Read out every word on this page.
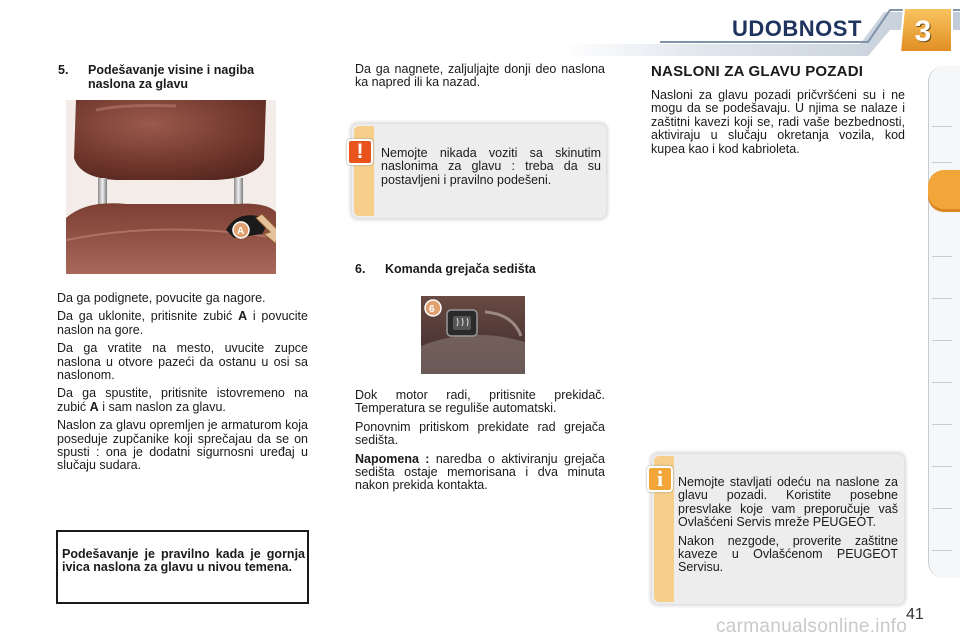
UDOBNOST	3
5. Podešavanje visine i nagiba
naslona za glavu
A

Da ga podignete, povucite ga nagore.

Da ga uklonite, pritisnite zubić A i povucite naslon na gore.

Da ga vratite na mesto, uvucite zupce naslona u otvore pazeći da ostanu u osi sa naslonom.

Da ga spustite, pritisnite istovremeno na zubić A i sam naslon za glavu.

Naslon za glavu opremljen je armaturom koja poseduje zupčanike koji sprečajau da se on spusti : ona je dodatni sigurnosni uređaj u slučaju sudara.

Podešavanje je pravilno kada je gornja ivica naslona za glavu u nivou temena.
Da ga nagnete, zaljuljajte donji deo naslona ka napred ili ka nazad.
!	Nemojte nikada voziti sa skinutim naslonima za glavu : treba da su postavljeni i pravilno podešeni.
6. Komanda grejača sedišta
6

Dok motor radi, pritisnite prekidač. Temperatura se reguliše automatski.

Ponovnim pritiskom prekidate rad grejača sedišta.

Napomena : naredba o aktiviranju grejača sedišta ostaje memorisana i dva minuta nakon prekida kontakta.

NASLONI ZA GLAVU POZADI
Nasloni za glavu pozadi pričvršćeni su i ne mogu da se podešavaju. U njima se nalaze i zaštitni kavezi koji se, radi vaše bezbednosti, aktiviraju u slučaju okretanja vozila, kod kupea kao i kod kabrioleta.
i	Nemojte stavljati odeću na naslone za glavu pozadi. Koristite posebne presvlake koje vam preporučuje vaš Ovlašćeni Servis mreže PEUGEOT.

Nakon nezgode, proverite zaštitne kaveze u Ovlašćenom PEUGEOT Servisu.

41
carmanualsonline.info
